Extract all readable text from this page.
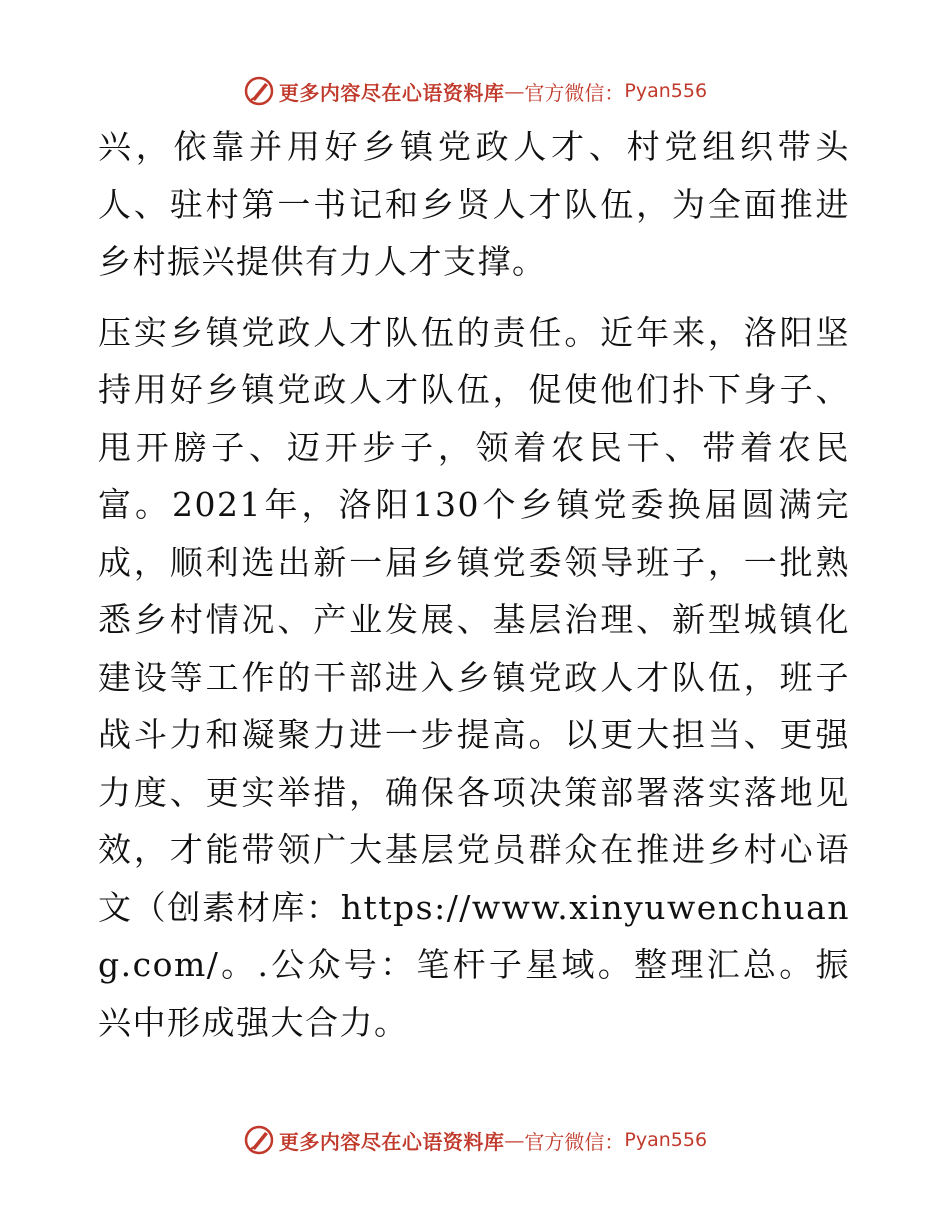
更多内容尽在心语资料库 — 官方微信： Pyan556

兴，依靠并用好乡镇党政人才、村党组织带头人、驻村第一书记和乡贤人才队伍，为全面推进乡村振兴提供有力人才支撑。

压实乡镇党政人才队伍的责任。近年来，洛阳坚持用好乡镇党政人才队伍，促使他们扑下身子、甩开膀子、迈开步子，领着农民干、带着农民富。2021年，洛阳130个乡镇党委换届圆满完成，顺利选出新一届乡镇党委领导班子，一批熟悉乡村情况、产业发展、基层治理、新型城镇化建设等工作的干部进入乡镇党政人才队伍，班子战斗力和凝聚力进一步提高。以更大担当、更强力度、更实举措，确保各项决策部署落实落地见效，才能带领广大基层党员群众在推进乡村心语文（创素材库：https://www.xinyuwenchuang.com/。.公众号：笔杆子星域。整理汇总。振兴中形成强大合力。

更多内容尽在心语资料库 — 官方微信： Pyan556
